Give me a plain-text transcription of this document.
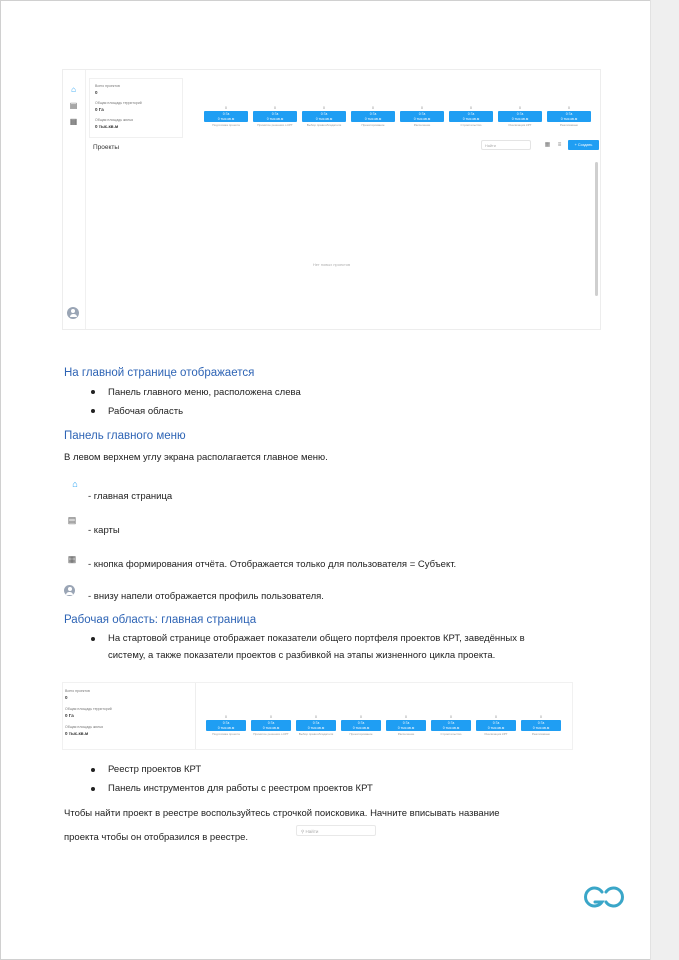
⌂
▤
▦
Всего проектов
0
Общая площадь территорий
0 Га
Общая площадь жилья
0 тыс.кв.м
0
0 Га
0 тыс.кв.м
Подготовка проекта
0
0 Га
0 тыс.кв.м
Принятие решения о КРТ
0
0 Га
0 тыс.кв.м
Выбор правообладателя
0
0 Га
0 тыс.кв.м
Проектирование
0
0 Га
0 тыс.кв.м
Расселение
0
0 Га
0 тыс.кв.м
Строительство
0
0 Га
0 тыс.кв.м
Реализация КРТ
0
0 Га
0 тыс.кв.м
Реализовано
Проекты	Найти	▦ ≡	+ Создать
Нет новых проектов
На главной странице отображается
Панель главного меню, расположена слева
Рабочая область
Панель главного меню
В левом верхнем углу экрана располагается главное меню.
⌂
- главная страница
▤
- карты
▦ - кнопка формирования отчёта. Отображается только для пользователя = Субъект.
- внизу напели отображается профиль пользователя.
Рабочая область: главная страница
На стартовой странице отображает показатели общего портфеля проектов КРТ, заведённых в
систему, а также показатели проектов с разбивкой на этапы жизненного цикла проекта.
Всего проектов
0
Общая площадь территорий
0 Га
Общая площадь жилья
0 тыс.кв.м
0
0 Га
0 тыс.кв.м
Подготовка проекта
0
0 Га
0 тыс.кв.м
Принятие решения о КРТ
0
0 Га
0 тыс.кв.м
Выбор правообладателя
0
0 Га
0 тыс.кв.м
Проектирование
0
0 Га
0 тыс.кв.м
Расселение
0
0 Га
0 тыс.кв.м
Строительство
0
0 Га
0 тыс.кв.м
Реализация КРТ
0
0 Га
0 тыс.кв.м
Реализовано
Реестр проектов КРТ
Панель инструментов для работы с реестром проектов КРТ
Чтобы найти проект в реестре воспользуйтесь строчкой поисковика. Начните вписывать название
проекта чтобы он отобразился в реестре.
⚲ Найти
